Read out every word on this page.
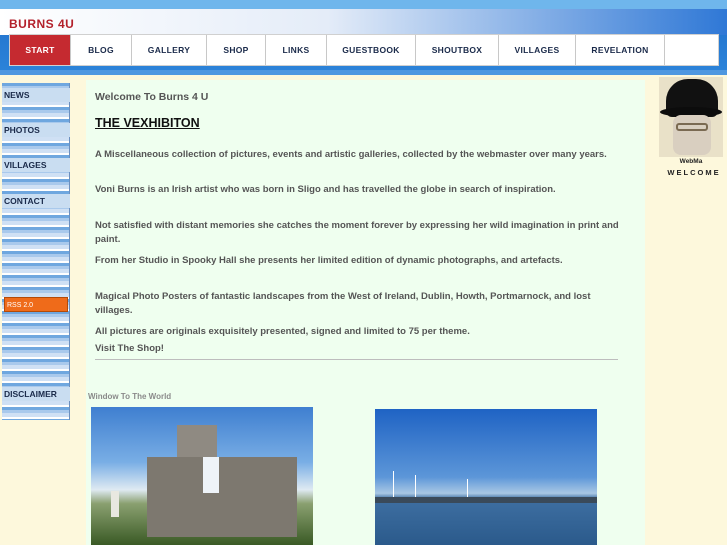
BURNS 4U
START	BLOG	GALLERY	SHOP	LINKS	GUESTBOOK	SHOUTBOX	VILLAGES	REVELATION
NEWS
PHOTOS
VILLAGES
CONTACT
RSS 2.0
DISCLAIMER
Welcome To Burns 4 U
THE VEXHIBITON
A Miscellaneous collection of pictures, events and artistic galleries, collected by the webmaster over many years.
Voni Burns is an Irish artist who was born in Sligo and has travelled the globe in search of inspiration.
Not satisfied with distant memories she catches the moment forever by expressing her wild imagination in print and paint.
From her Studio in Spooky Hall she presents her limited edition of dynamic photographs, and artefacts.
Magical Photo Posters of fantastic landscapes from the West of Ireland, Dublin, Howth, Portmarnock, and lost villages.
All pictures are originals exquisitely presented, signed and limited to 75 per theme.
Visit The Shop!
Window To The World
WebMa
WELCOME
